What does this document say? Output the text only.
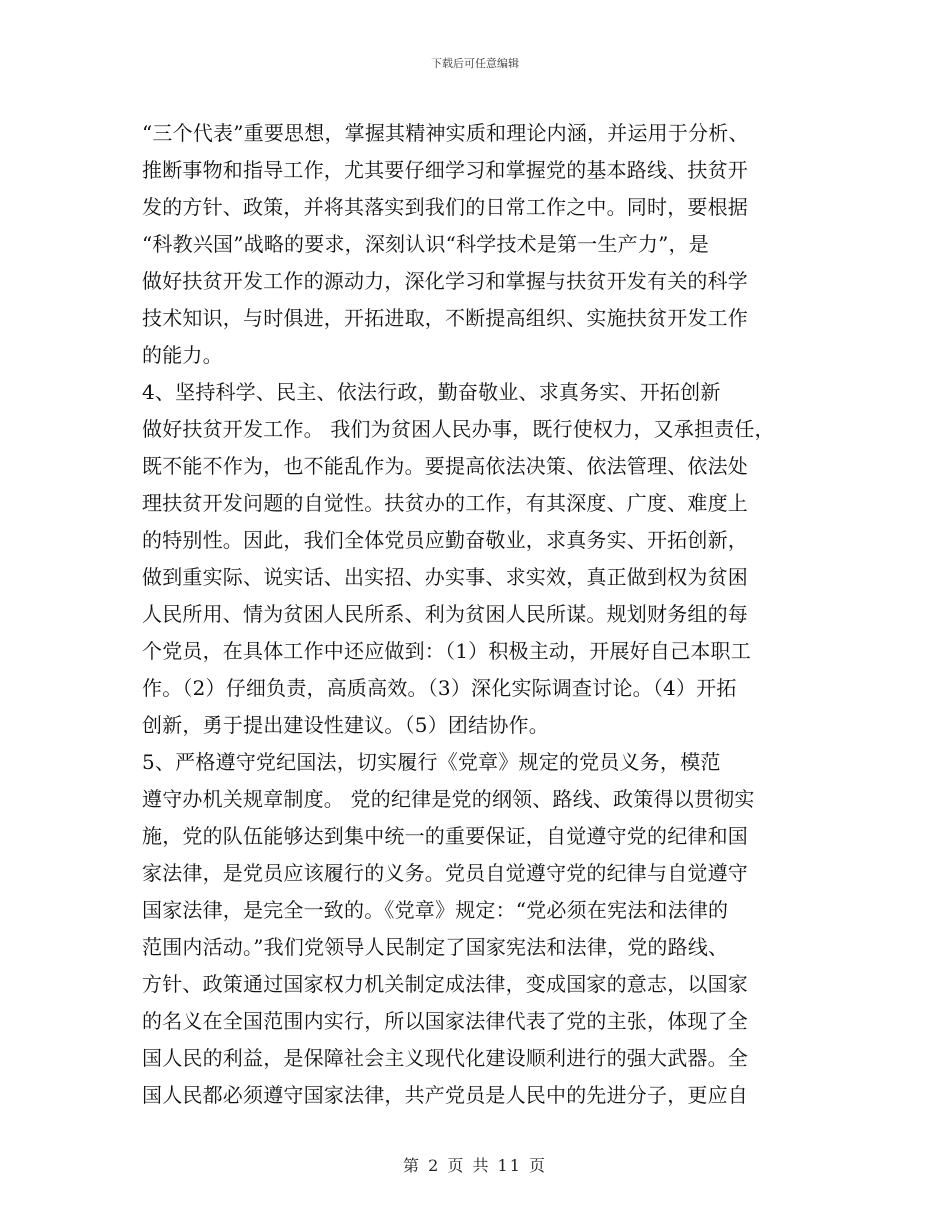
下载后可任意编辑
“三个代表”重要思想，掌握其精神实质和理论内涵，并运用于分析、
推断事物和指导工作，尤其要仔细学习和掌握党的基本路线、扶贫开
发的方针、政策，并将其落实到我们的日常工作之中。同时，要根据
“科教兴国”战略的要求，深刻认识“科学技术是第一生产力”，是
做好扶贫开发工作的源动力，深化学习和掌握与扶贫开发有关的科学
技术知识，与时俱进，开拓进取，不断提高组织、实施扶贫开发工作
的能力。
4、坚持科学、民主、依法行政，勤奋敬业、求真务实、开拓创新
做好扶贫开发工作。 我们为贫困人民办事，既行使权力，又承担责任，
既不能不作为，也不能乱作为。要提高依法决策、依法管理、依法处
理扶贫开发问题的自觉性。扶贫办的工作，有其深度、广度、难度上
的特别性。因此，我们全体党员应勤奋敬业，求真务实、开拓创新，
做到重实际、说实话、出实招、办实事、求实效，真正做到权为贫困
人民所用、情为贫困人民所系、利为贫困人民所谋。规划财务组的每
个党员，在具体工作中还应做到：（1）积极主动，开展好自己本职工
作。（2）仔细负责，高质高效。（3）深化实际调查讨论。（4）开拓
创新，勇于提出建设性建议。（5）团结协作。
5、严格遵守党纪国法，切实履行《党章》规定的党员义务，模范
遵守办机关规章制度。 党的纪律是党的纲领、路线、政策得以贯彻实
施，党的队伍能够达到集中统一的重要保证，自觉遵守党的纪律和国
家法律，是党员应该履行的义务。党员自觉遵守党的纪律与自觉遵守
国家法律，是完全一致的。《党章》规定：“党必须在宪法和法律的
范围内活动。”我们党领导人民制定了国家宪法和法律，党的路线、
方针、政策通过国家权力机关制定成法律，变成国家的意志，以国家
的名义在全国范围内实行，所以国家法律代表了党的主张，体现了全
国人民的利益，是保障社会主义现代化建设顺利进行的强大武器。全
国人民都必须遵守国家法律，共产党员是人民中的先进分子，更应自
第 2 页 共 11 页
